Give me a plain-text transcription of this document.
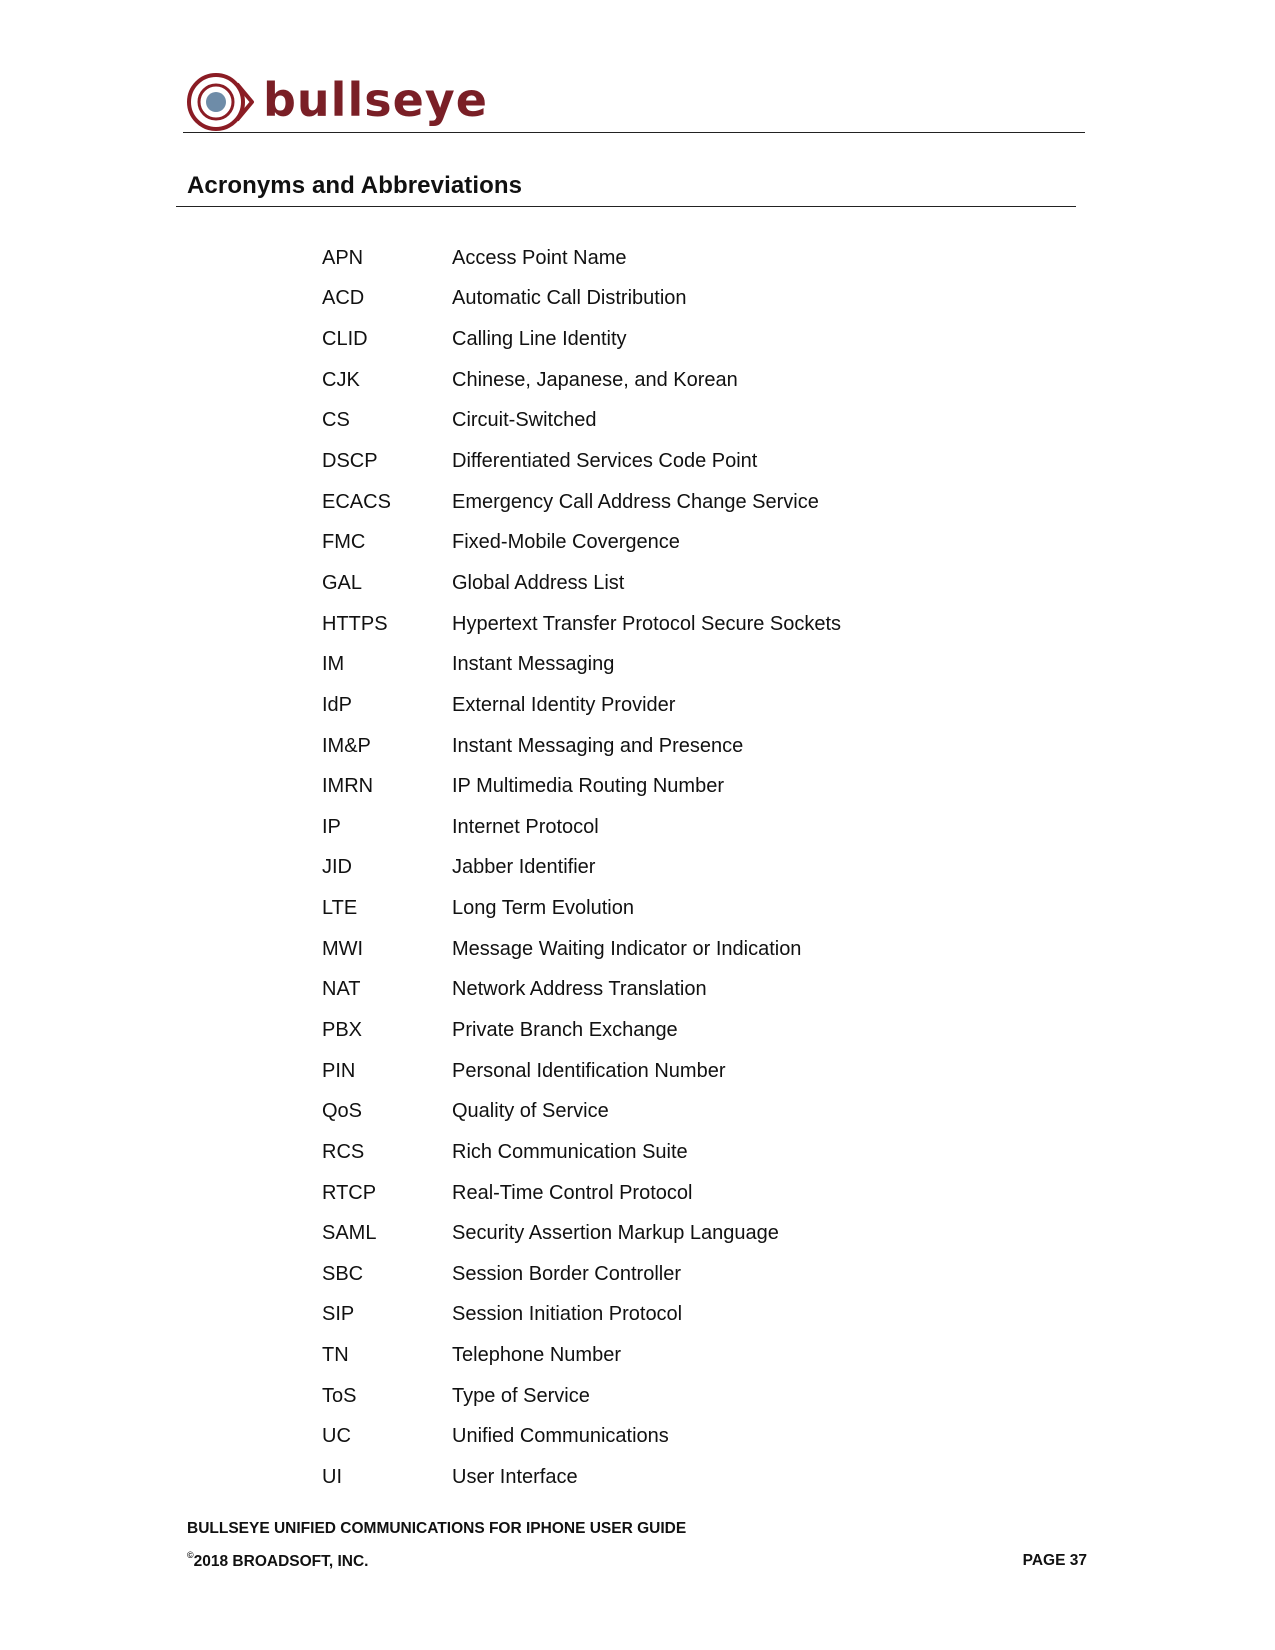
bullseye
Acronyms and Abbreviations
APN	Access Point Name
ACD	Automatic Call Distribution
CLID	Calling Line Identity
CJK	Chinese, Japanese, and Korean
CS	Circuit-Switched
DSCP	Differentiated Services Code Point
ECACS	Emergency Call Address Change Service
FMC	Fixed-Mobile Covergence
GAL	Global Address List
HTTPS	Hypertext Transfer Protocol Secure Sockets
IM	Instant Messaging
IdP	External Identity Provider
IM&P	Instant Messaging and Presence
IMRN	IP Multimedia Routing Number
IP	Internet Protocol
JID	Jabber Identifier
LTE	Long Term Evolution
MWI	Message Waiting Indicator or Indication
NAT	Network Address Translation
PBX	Private Branch Exchange
PIN	Personal Identification Number
QoS	Quality of Service
RCS	Rich Communication Suite
RTCP	Real-Time Control Protocol
SAML	Security Assertion Markup Language
SBC	Session Border Controller
SIP	Session Initiation Protocol
TN	Telephone Number
ToS	Type of Service
UC	Unified Communications
UI	User Interface
BULLSEYE UNIFIED COMMUNICATIONS FOR IPHONE USER GUIDE
©2018 BROADSOFT, INC.	PAGE 37
